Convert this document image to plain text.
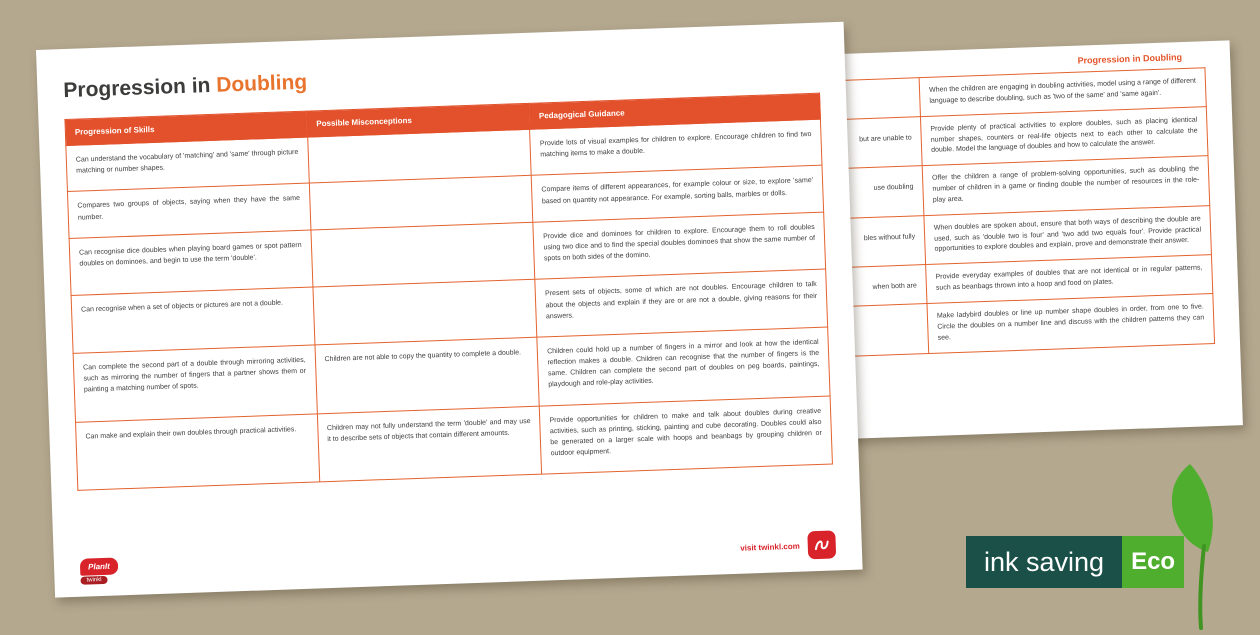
Progression in Doubling
	When the children are engaging in doubling activities, model using a range of different language to describe doubling, such as 'two of the same' and 'same again'.
but are unable to	Provide plenty of practical activities to explore doubles, such as placing identical number shapes, counters or real-life objects next to each other to calculate the double. Model the language of doubles and how to calculate the answer.
use doubling	Offer the children a range of problem-solving opportunities, such as doubling the number of children in a game or finding double the number of resources in the role-play area.
bles without fully	When doubles are spoken about, ensure that both ways of describing the double are used, such as 'double two is four' and 'two add two equals four'. Provide practical opportunities to explore doubles and explain, prove and demonstrate their answer.
when both are	Provide everyday examples of doubles that are not identical or in regular patterns, such as beanbags thrown into a hoop and food on plates.
	Make ladybird doubles or line up number shape doubles in order, from one to five. Circle the doubles on a number line and discuss with the children patterns they can see.
Progression in Doubling
Progression of Skills	Possible Misconceptions	Pedagogical Guidance
Can understand the vocabulary of 'matching' and 'same' through picture matching or number shapes.		Provide lots of visual examples for children to explore. Encourage children to find two matching items to make a double.
Compares two groups of objects, saying when they have the same number.		Compare items of different appearances, for example colour or size, to explore 'same' based on quantity not appearance. For example, sorting balls, marbles or dolls.
Can recognise dice doubles when playing board games or spot pattern doubles on dominoes, and begin to use the term 'double'.		Provide dice and dominoes for children to explore. Encourage them to roll doubles using two dice and to find the special doubles dominoes that show the same number of spots on both sides of the domino.
Can recognise when a set of objects or pictures are not a double.		Present sets of objects, some of which are not doubles. Encourage children to talk about the objects and explain if they are or are not a double, giving reasons for their answers.
Can complete the second part of a double through mirroring activities, such as mirroring the number of fingers that a partner shows them or painting a matching number of spots.	Children are not able to copy the quantity to complete a double.	Children could hold up a number of fingers in a mirror and look at how the identical reflection makes a double. Children can recognise that the number of fingers is the same. Children can complete the second part of doubles on peg boards, paintings, playdough and role-play activities.
Can make and explain their own doubles through practical activities.	Children may not fully understand the term 'double' and may use it to describe sets of objects that contain different amounts.	Provide opportunities for children to make and talk about doubles during creative activities, such as printing, sticking, painting and cube decorating. Doubles could also be generated on a larger scale with hoops and beanbags by grouping children or outdoor equipment.
PlanIt
twinkl
visit twinkl.com
ink saving	Eco
